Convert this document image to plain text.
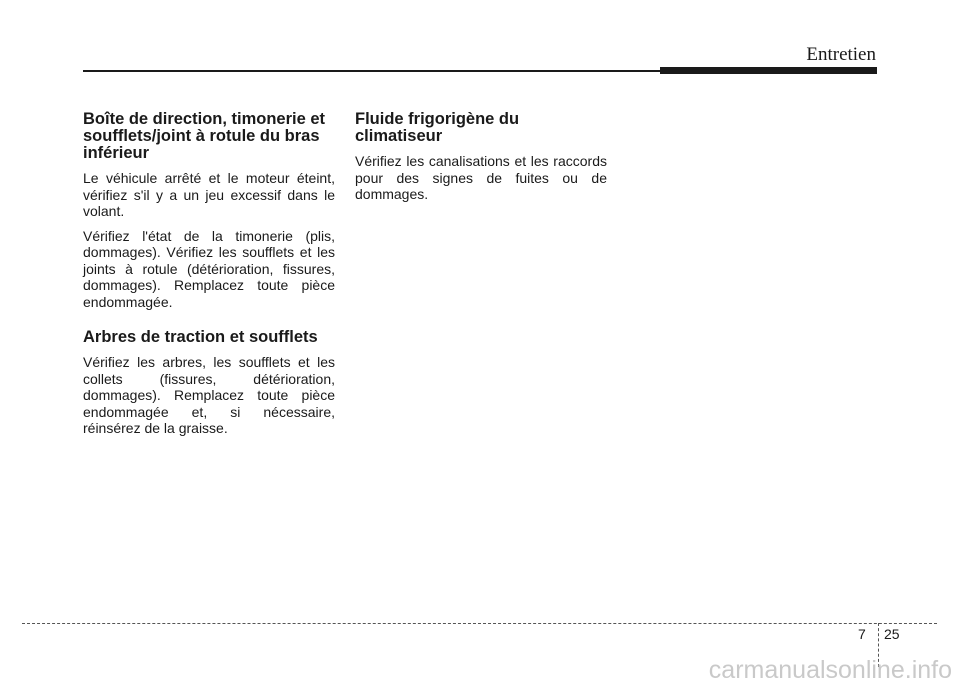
Entretien
Boîte de direction, timonerie et
soufflets/joint à rotule du bras
inférieur

Le véhicule arrêté et le moteur éteint, vérifiez s'il y a un jeu excessif dans le volant.

Vérifiez l'état de la timonerie (plis, dommages). Vérifiez les soufflets et les joints à rotule (détérioration, fissures, dommages). Remplacez toute pièce endommagée.

Arbres de traction et soufflets

Vérifiez les arbres, les soufflets et les collets (fissures, détérioration, dommages). Remplacez toute pièce endommagée et, si nécessaire, réinsérez de la graisse.

Fluide frigorigène du
climatiseur

Vérifiez les canalisations et les raccords pour des signes de fuites ou de dommages.

7 25
carmanualsonline.info
